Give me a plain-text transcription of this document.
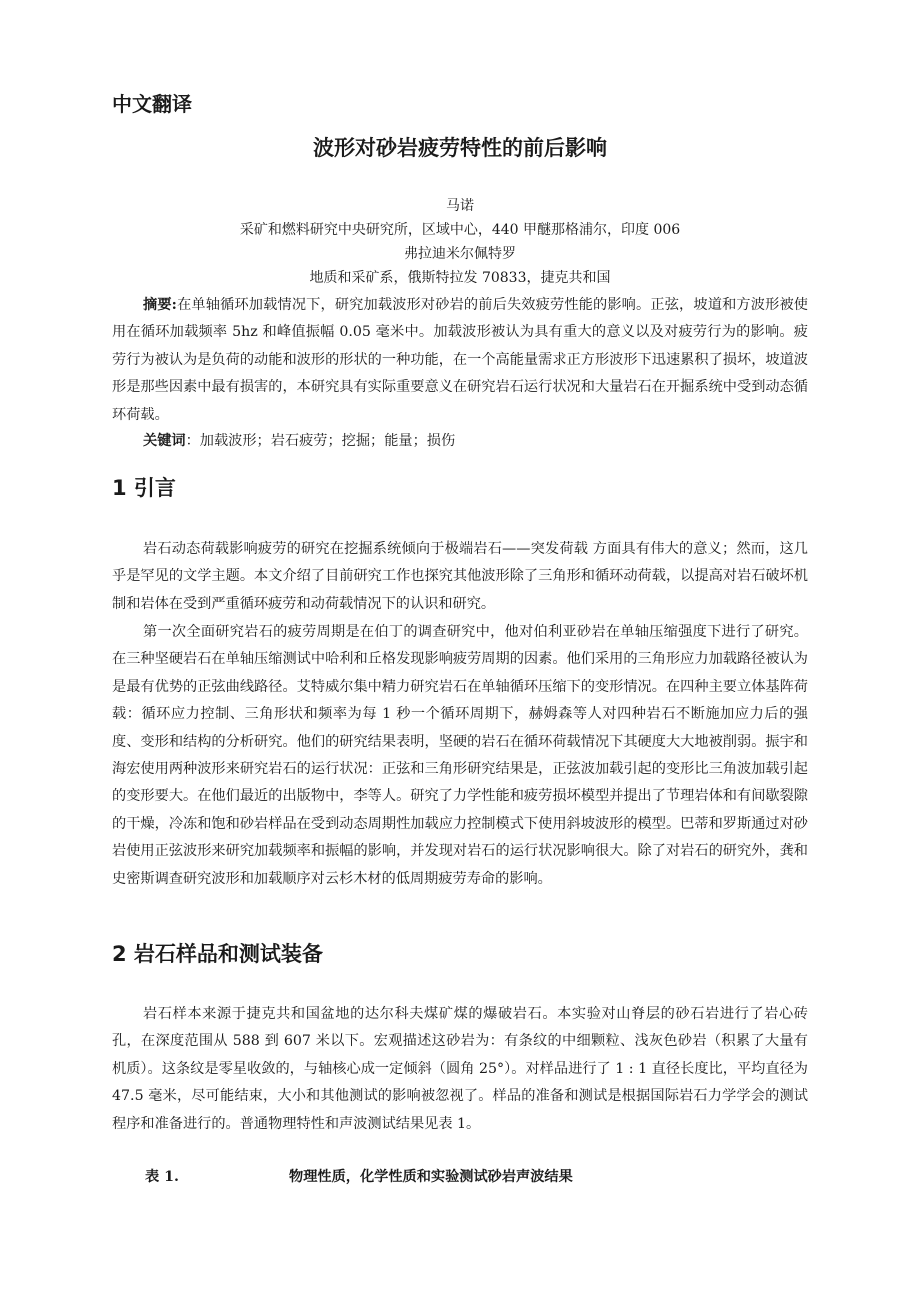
中文翻译
波形对砂岩疲劳特性的前后影响
马诺
采矿和燃料研究中央研究所，区域中心，440 甲醚那格浦尔，印度 006
弗拉迪米尔佩特罗
地质和采矿系，俄斯特拉发 70833，捷克共和国
摘要:在单轴循环加载情况下，研究加载波形对砂岩的前后失效疲劳性能的影响。正弦，坡道和方波形被使用在循环加载频率 5hz 和峰值振幅 0.05 毫米中。加载波形被认为具有重大的意义以及对疲劳行为的影响。疲劳行为被认为是负荷的动能和波形的形状的一种功能，在一个高能量需求正方形波形下迅速累积了损坏，坡道波形是那些因素中最有损害的，本研究具有实际重要意义在研究岩石运行状况和大量岩石在开掘系统中受到动态循环荷载。
关键词：加载波形；岩石疲劳；挖掘；能量；损伤
1 引言
岩石动态荷载影响疲劳的研究在挖掘系统倾向于极端岩石——突发荷载 方面具有伟大的意义；然而，这几乎是罕见的文学主题。本文介绍了目前研究工作也探究其他波形除了三角形和循环动荷载，以提高对岩石破坏机制和岩体在受到严重循环疲劳和动荷载情况下的认识和研究。
第一次全面研究岩石的疲劳周期是在伯丁的调查研究中，他对伯利亚砂岩在单轴压缩强度下进行了研究。在三种坚硬岩石在单轴压缩测试中哈利和丘格发现影响疲劳周期的因素。他们采用的三角形应力加载路径被认为是最有优势的正弦曲线路径。艾特威尔集中精力研究岩石在单轴循环压缩下的变形情况。在四种主要立体基阵荷载：循环应力控制、三角形状和频率为每 1 秒一个循环周期下，赫姆森等人对四种岩石不断施加应力后的强度、变形和结构的分析研究。他们的研究结果表明，坚硬的岩石在循环荷载情况下其硬度大大地被削弱。振宇和海宏使用两种波形来研究岩石的运行状况：正弦和三角形研究结果是，正弦波加载引起的变形比三角波加载引起的变形要大。在他们最近的出版物中，李等人。研究了力学性能和疲劳损坏模型并提出了节理岩体和有间歇裂隙的干燥，冷冻和饱和砂岩样品在受到动态周期性加载应力控制模式下使用斜坡波形的模型。巴蒂和罗斯通过对砂岩使用正弦波形来研究加载频率和振幅的影响，并发现对岩石的运行状况影响很大。除了对岩石的研究外，龚和史密斯调查研究波形和加载顺序对云杉木材的低周期疲劳寿命的影响。
2 岩石样品和测试装备
岩石样本来源于捷克共和国盆地的达尔科夫煤矿煤的爆破岩石。本实验对山脊层的砂石岩进行了岩心砖孔，在深度范围从 588 到 607 米以下。宏观描述这砂岩为：有条纹的中细颗粒、浅灰色砂岩（积累了大量有机质）。这条纹是零星收敛的，与轴核心成一定倾斜（圆角 25°）。对样品进行了 1 : 1 直径长度比，平均直径为 47.5 毫米，尽可能结束，大小和其他测试的影响被忽视了。样品的准备和测试是根据国际岩石力学学会的测试程序和准备进行的。普通物理特性和声波测试结果见表 1。
表 1.	物理性质，化学性质和实验测试砂岩声波结果
